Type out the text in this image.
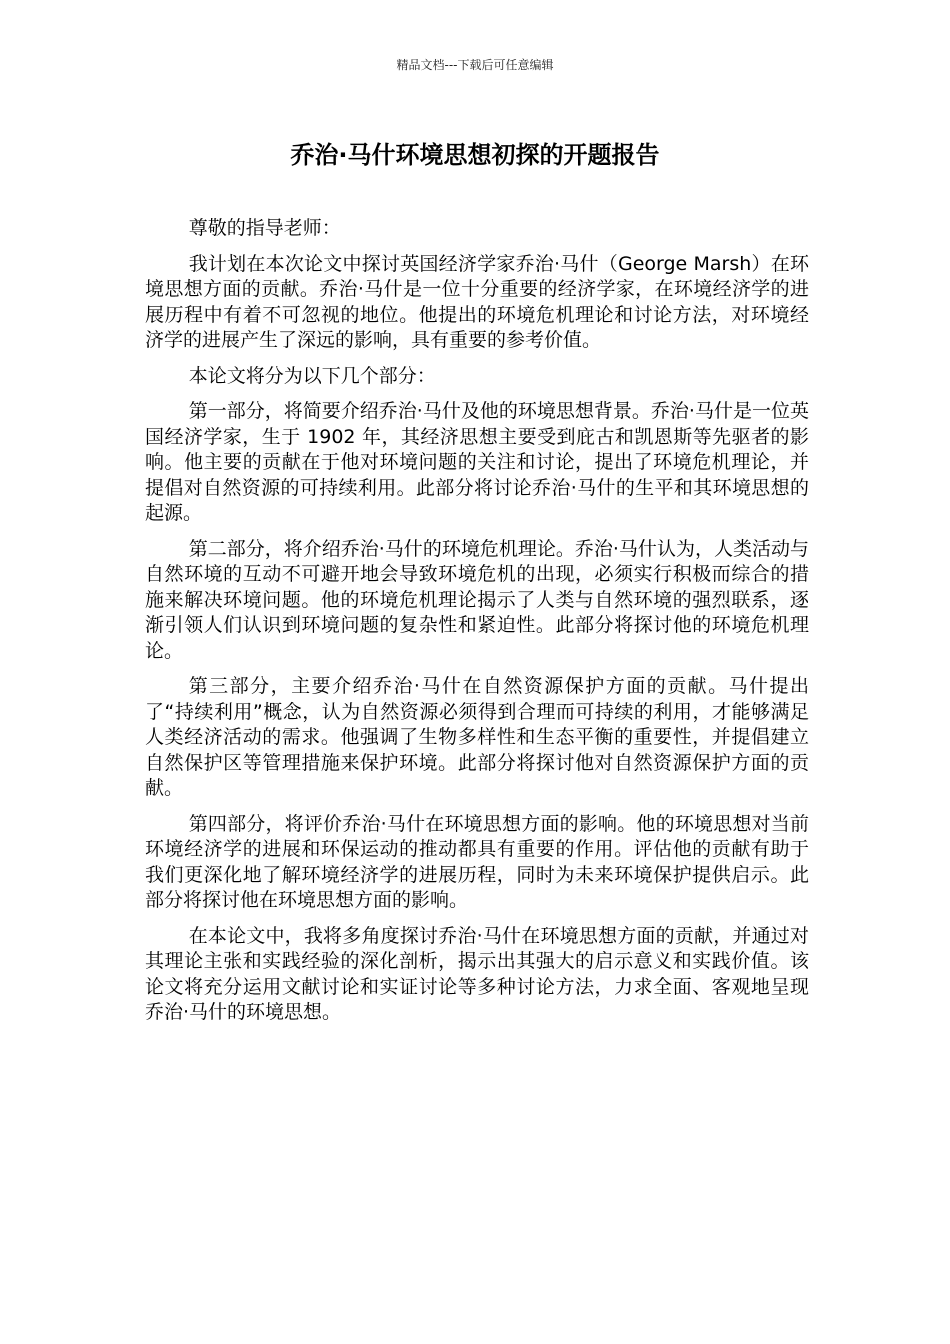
精品文档---下载后可任意编辑
乔治·马什环境思想初探的开题报告

尊敬的指导老师：

我计划在本次论文中探讨英国经济学家乔治·马什（George Marsh）在环境思想方面的贡献。乔治·马什是一位十分重要的经济学家，在环境经济学的进展历程中有着不可忽视的地位。他提出的环境危机理论和讨论方法，对环境经济学的进展产生了深远的影响，具有重要的参考价值。

本论文将分为以下几个部分：

第一部分，将简要介绍乔治·马什及他的环境思想背景。乔治·马什是一位英国经济学家，生于 1902 年，其经济思想主要受到庇古和凯恩斯等先驱者的影响。他主要的贡献在于他对环境问题的关注和讨论，提出了环境危机理论，并提倡对自然资源的可持续利用。此部分将讨论乔治·马什的生平和其环境思想的起源。

第二部分，将介绍乔治·马什的环境危机理论。乔治·马什认为，人类活动与自然环境的互动不可避开地会导致环境危机的出现，必须实行积极而综合的措施来解决环境问题。他的环境危机理论揭示了人类与自然环境的强烈联系，逐渐引领人们认识到环境问题的复杂性和紧迫性。此部分将探讨他的环境危机理论。

第三部分，主要介绍乔治·马什在自然资源保护方面的贡献。马什提出了“持续利用”概念，认为自然资源必须得到合理而可持续的利用，才能够满足人类经济活动的需求。他强调了生物多样性和生态平衡的重要性，并提倡建立自然保护区等管理措施来保护环境。此部分将探讨他对自然资源保护方面的贡献。

第四部分，将评价乔治·马什在环境思想方面的影响。他的环境思想对当前环境经济学的进展和环保运动的推动都具有重要的作用。评估他的贡献有助于我们更深化地了解环境经济学的进展历程，同时为未来环境保护提供启示。此部分将探讨他在环境思想方面的影响。

在本论文中，我将多角度探讨乔治·马什在环境思想方面的贡献，并通过对其理论主张和实践经验的深化剖析，揭示出其强大的启示意义和实践价值。该论文将充分运用文献讨论和实证讨论等多种讨论方法，力求全面、客观地呈现乔治·马什的环境思想。
